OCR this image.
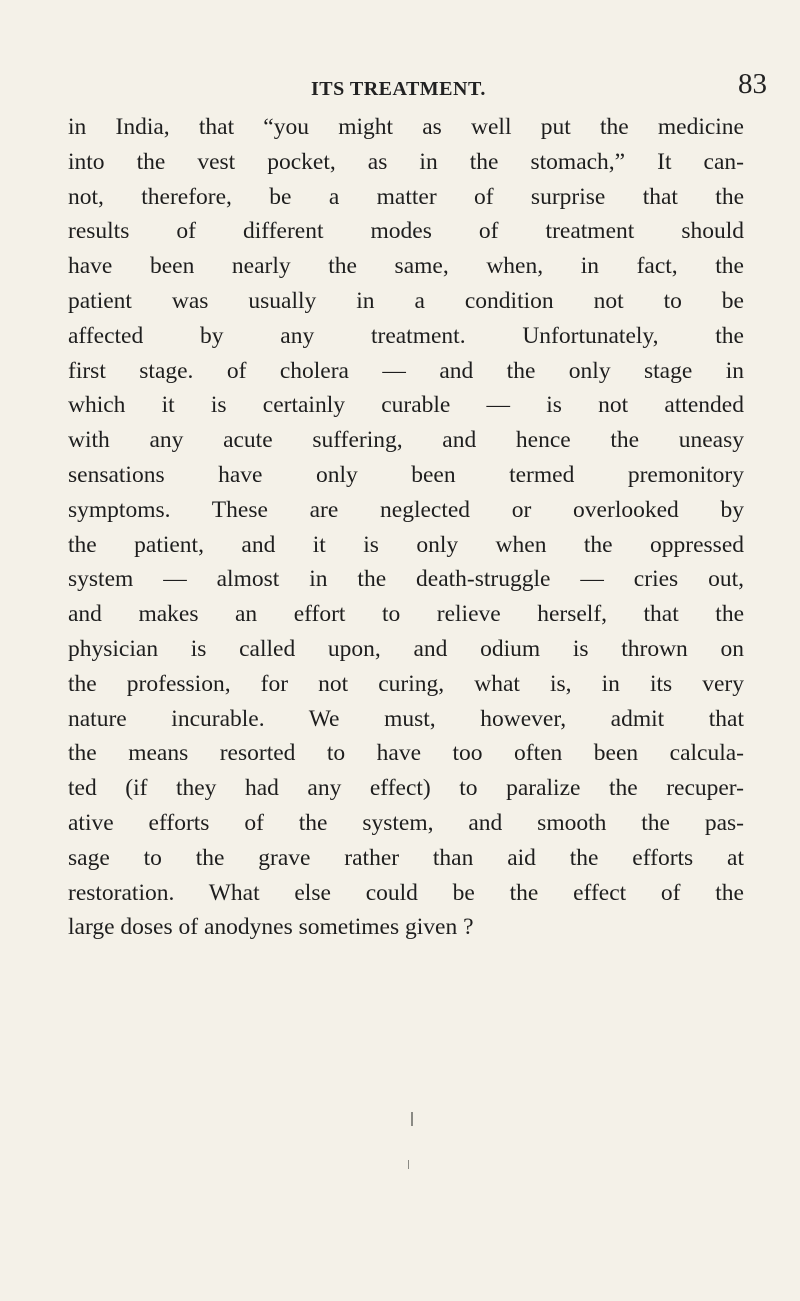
ITS TREATMENT.	83
in India, that “you might as well put the medicine
into the vest pocket, as in the stomach,” It can-
not, therefore, be a matter of surprise that the
results of different modes of treatment should
have been nearly the same, when, in fact, the
patient was usually in a condition not to be
affected by any treatment. Unfortunately, the
first stage. of cholera — and the only stage in
which it is certainly curable — is not attended
with any acute suffering, and hence the uneasy
sensations have only been termed premonitory
symptoms. These are neglected or overlooked by
the patient, and it is only when the oppressed
system — almost in the death-struggle — cries out,
and makes an effort to relieve herself, that the
physician is called upon, and odium is thrown on
the profession, for not curing, what is, in its very
nature incurable. We must, however, admit that
the means resorted to have too often been calcula-
ted (if they had any effect) to paralize the recuper-
ative efforts of the system, and smooth the pas-
sage to the grave rather than aid the efforts at
restoration. What else could be the effect of the
large doses of anodynes sometimes given ?
